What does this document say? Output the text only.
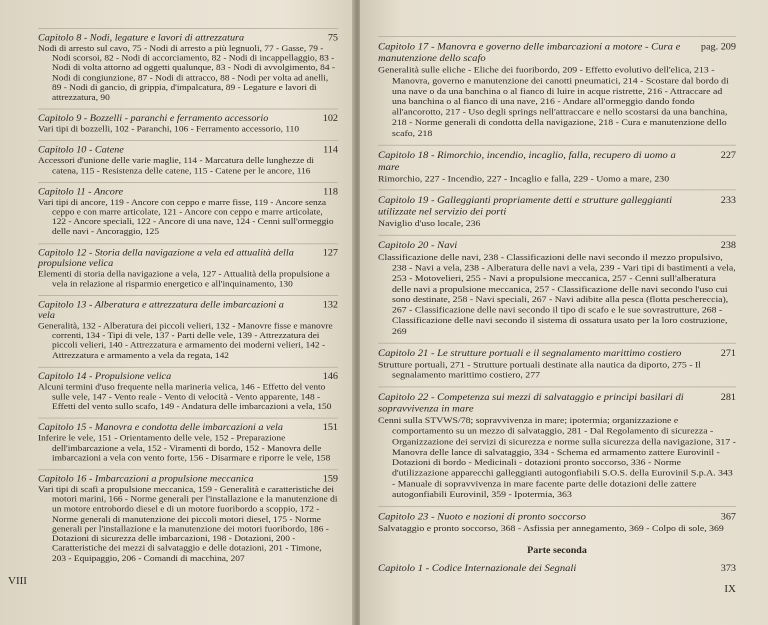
Capitolo 8 - Nodi, legature e lavori di attrezzatura	75
Nodi di arresto sul cavo, 75 - Nodi di arresto a più legnuoli, 77 - Gasse, 79 - Nodi scorsoi, 82 - Nodi di accorciamento, 82 - Nodi di incappellaggio, 83 - Nodi di volta attorno ad oggetti qualunque, 83 - Nodi di avvolgimento, 84 - Nodi di congiunzione, 87 - Nodi di attracco, 88 - Nodi per volta ad anelli, 89 - Nodi di gancio, di grippia, d'impalcatura, 89 - Legature e lavori di attrezzatura, 90
Capitolo 9 - Bozzelli - paranchi e ferramento accessorio	102
Vari tipi di bozzelli, 102 - Paranchi, 106 - Ferramento accessorio, 110
Capitolo 10 - Catene	114
Accessori d'unione delle varie maglie, 114 - Marcatura delle lunghezze di catena, 115 - Resistenza delle catene, 115 - Catene per le ancore, 116
Capitolo 11 - Ancore	118
Vari tipi di ancore, 119 - Ancore con ceppo e marre fisse, 119 - Ancore senza ceppo e con marre articolate, 121 - Ancore con ceppo e marre articolate, 122 - Ancore speciali, 122 - Ancore di una nave, 124 - Cenni sull'ormeggio delle navi - Ancoraggio, 125
Capitolo 12 - Storia della navigazione a vela ed attualità della propulsione velica
127
Elementi di storia della navigazione a vela, 127 - Attualità della propulsione a vela in relazione al risparmio energetico e all'inquinamento, 130
Capitolo 13 - Alberatura e attrezzatura delle imbarcazioni a vela
132
Generalità, 132 - Alberatura dei piccoli velieri, 132 - Manovre fisse e manovre correnti, 134 - Tipi di vele, 137 - Parti delle vele, 139 - Attrezzatura dei piccoli velieri, 140 - Attrezzatura e armamento dei moderni velieri, 142 - Attrezzatura e armamento a vela da regata, 142
Capitolo 14 - Propulsione velica	146
Alcuni termini d'uso frequente nella marineria velica, 146 - Effetto del vento sulle vele, 147 - Vento reale - Vento di velocità - Vento apparente, 148 - Effetti del vento sullo scafo, 149 - Andatura delle imbarcazioni a vela, 150
Capitolo 15 - Manovra e condotta delle imbarcazioni a vela	151
Inferire le vele, 151 - Orientamento delle vele, 152 - Preparazione dell'imbarcazione a vela, 152 - Viramenti di bordo, 152 - Manovra delle imbarcazioni a vela con vento forte, 156 - Disarmare e riporre le vele, 158
Capitolo 16 - Imbarcazioni a propulsione meccanica	159
Vari tipi di scafi a propulsione meccanica, 159 - Generalità e caratteristiche dei motori marini, 166 - Norme generali per l'installazione e la manutenzione di un motore entrobordo diesel e di un motore fuoribordo a scoppio, 172 - Norme generali di manutenzione dei piccoli motori diesel, 175 - Norme generali per l'installazione e la manutenzione dei motori fuoribordo, 186 - Dotazioni di sicurezza delle imbarcazioni, 198 - Dotazioni, 200 - Caratteristiche dei mezzi di salvataggio e delle dotazioni, 201 - Timone, 203 - Equipaggio, 206 - Comandi di macchina, 207
VIII
Capitolo 17 - Manovra e governo delle imbarcazioni a motore - Cura e manutenzione dello scafo
pag. 209
Generalità sulle eliche - Eliche dei fuoribordo, 209 - Effetto evolutivo dell'elica, 213 - Manovra, governo e manutenzione dei canotti pneumatici, 214 - Scostare dal bordo di una nave o da una banchina o al fianco di luire in acque ristrette, 216 - Attraccare ad una banchina o al fianco di una nave, 216 - Andare all'ormeggio dando fondo all'ancorotto, 217 - Uso degli springs nell'attraccare e nello scostarsi da una banchina, 218 - Norme generali di condotta della navigazione, 218 - Cura e manutenzione dello scafo, 218
Capitolo 18 - Rimorchio, incendio, incaglio, falla, recupero di uomo a mare
227
Rimorchio, 227 - Incendio, 227 - Incaglio e falla, 229 - Uomo a mare, 230
Capitolo 19 - Galleggianti propriamente detti e strutture galleggianti utilizzate nel servizio dei porti
233
Naviglio d'uso locale, 236
Capitolo 20 - Navi	238
Classificazione delle navi, 238 - Classificazioni delle navi secondo il mezzo propulsivo, 238 - Navi a vela, 238 - Alberatura delle navi a vela, 239 - Vari tipi di bastimenti a vela, 253 - Motovelieri, 255 - Navi a propulsione meccanica, 257 - Cenni sull'alberatura delle navi a propulsione meccanica, 257 - Classificazione delle navi secondo l'uso cui sono destinate, 258 - Navi speciali, 267 - Navi adibite alla pesca (flotta peschereccia), 267 - Classificazione delle navi secondo il tipo di scafo e le sue sovrastrutture, 268 - Classificazione delle navi secondo il sistema di ossatura usato per la loro costruzione, 269
Capitolo 21 - Le strutture portuali e il segnalamento marittimo costiero	271
Strutture portuali, 271 - Strutture portuali destinate alla nautica da diporto, 275 - Il segnalamento marittimo costiero, 277
Capitolo 22 - Competenza sui mezzi di salvataggio e principi basilari di sopravvivenza in mare
281
Cenni sulla STVWS/78; sopravvivenza in mare; ipotermia; organizzazione e comportamento su un mezzo di salvataggio, 281 - Dal Regolamento di sicurezza - Organizzazione dei servizi di sicurezza e norme sulla sicurezza della navigazione, 317 - Manovra delle lance di salvataggio, 334 - Schema ed armamento zattere Eurovinil - Dotazioni di bordo - Medicinali - dotazioni pronto soccorso, 336 - Norme d'utilizzazione apparecchi galleggianti autogonfiabili S.O.S. della Eurovinil S.p.A. 343 - Manuale di sopravvivenza in mare facente parte delle dotazioni delle zattere autogonfiabili Eurovinil, 359 - Ipotermia, 363
Capitolo 23 - Nuoto e nozioni di pronto soccorso	367
Salvataggio e pronto soccorso, 368 - Asfissia per annegamento, 369 - Colpo di sole, 369
Parte seconda
Capitolo 1 - Codice Internazionale dei Segnali	373
IX
